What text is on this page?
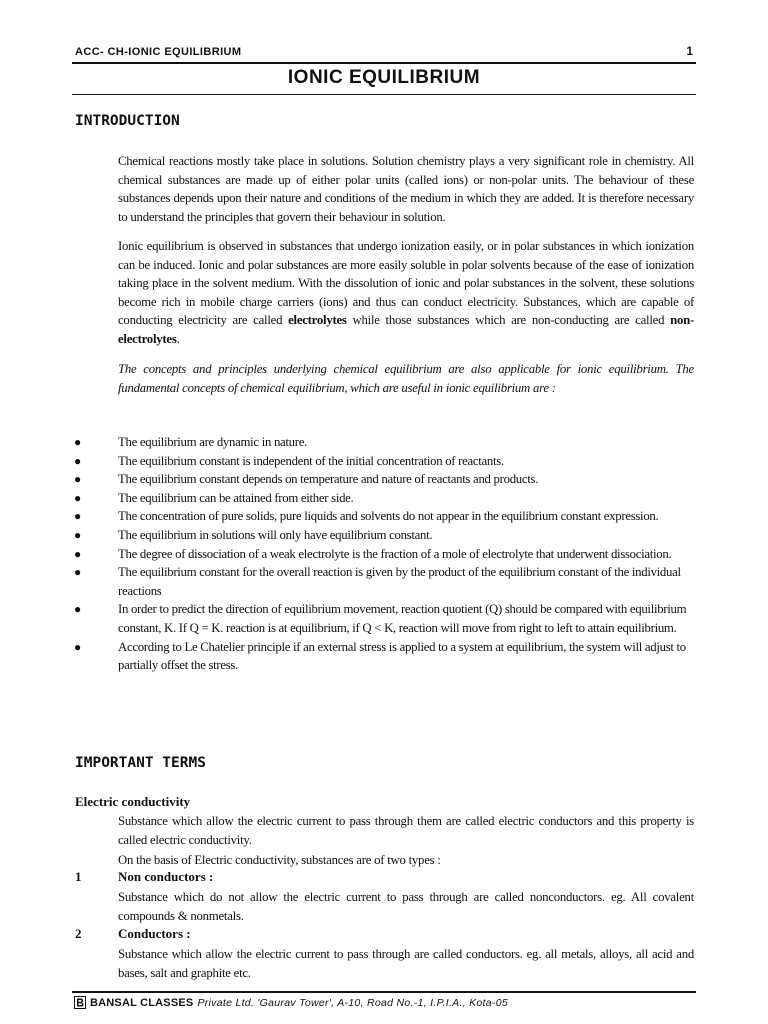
ACC- CH-IONIC EQUILIBRIUM	1
IONIC EQUILIBRIUM
INTRODUCTION
Chemical reactions mostly take place in solutions. Solution chemistry plays a very significant role in chemistry. All chemical substances are made up of either polar units (called ions) or non-polar units. The behaviour of these substances depends upon their nature and conditions of the medium in which they are added. It is therefore necessary to understand the principles that govern their behaviour in solution.
Ionic equilibrium is observed in substances that undergo ionization easily, or in polar substances in which ionization can be induced. Ionic and polar substances are more easily soluble in polar solvents because of the ease of ionization taking place in the solvent medium. With the dissolution of ionic and polar substances in the solvent, these solutions become rich in mobile charge carriers (ions) and thus can conduct electricity. Substances, which are capable of conducting electricity are called electrolytes while those substances which are non-conducting are called non-electrolytes.
The concepts and principles underlying chemical equilibrium are also applicable for ionic equilibrium. The fundamental concepts of chemical equilibrium, which are useful in ionic equilibrium are :
●	The equilibrium are dynamic in nature.
●	The equilibrium constant is independent of the initial concentration of reactants.
●	The equilibrium constant depends on temperature and nature of reactants and products.
●	The equilibrium can be attained from either side.
●	The concentration of pure solids, pure liquids and solvents do not appear in the equilibrium constant expression.
●	The equilibrium in solutions will only have equilibrium constant.
●	The degree of dissociation of a weak electrolyte is the fraction of a mole of electrolyte that underwent dissociation.
●	The equilibrium constant for the overall reaction is given by the product of the equilibrium constant of the individual reactions
●	In order to predict the direction of equilibrium movement, reaction quotient (Q) should be compared with equilibrium constant, K. If Q = K. reaction is at equilibrium, if Q < K, reaction will move from right to left to attain equilibrium.
●	According to Le Chatelier principle if an external stress is applied to a system at equilibrium, the system will adjust to partially offset the stress.
IMPORTANT TERMS
Electric conductivity
Substance which allow the electric current to pass through them are called electric conductors and this property is called electric conductivity.
On the basis of Electric conductivity, substances are of two types :
1	Non conductors :
Substance which do not allow the electric current to pass through are called nonconductors. eg. All covalent compounds & nonmetals.
2	Conductors :
Substance which allow the electric current to pass through are called conductors. eg. all metals, alloys, all acid and bases, salt and graphite etc.
BANSAL CLASSES Private Ltd. 'Gaurav Tower', A-10, Road No.-1, I.P.I.A., Kota-05
